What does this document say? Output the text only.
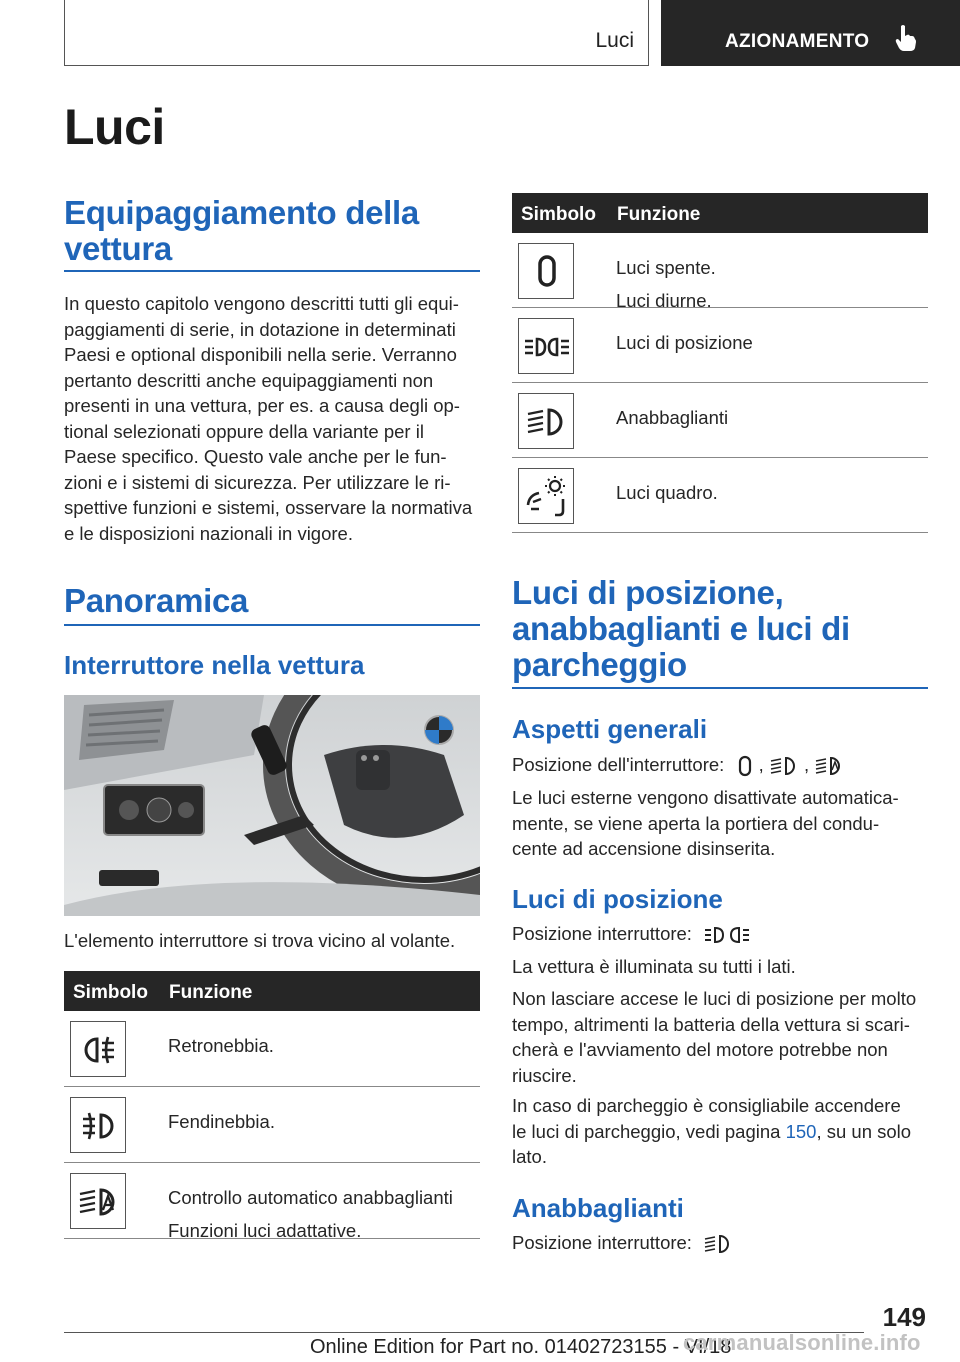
Luci	AZIONAMENTO
Luci
Equipaggiamento della
vettura
In questo capitolo vengono descritti tutti gli equi-
paggiamenti di serie, in dotazione in determinati
Paesi e optional disponibili nella serie. Verranno
pertanto descritti anche equipaggiamenti non
presenti in una vettura, per es. a causa degli op-
tional selezionati oppure della variante per il
Paese specifico. Questo vale anche per le fun-
zioni e i sistemi di sicurezza. Per utilizzare le ri-
spettive funzioni e sistemi, osservare la normativa
e le disposizioni nazionali in vigore.
Panoramica
Interruttore nella vettura
L'elemento interruttore si trova vicino al volante.
Simbolo Funzione
Retronebbia.
Fendinebbia.
Controllo automatico anabbaglianti
Funzioni luci adattative.
Simbolo Funzione
Luci spente.
Luci diurne.
Luci di posizione
Anabbaglianti
Luci quadro.
Luci di posizione,
anabbaglianti e luci di
parcheggio
Aspetti generali
Posizione dell'interruttore: , ,
Le luci esterne vengono disattivate automatica-
mente, se viene aperta la portiera del condu-
cente ad accensione disinserita.
Luci di posizione
Posizione interruttore:
La vettura è illuminata su tutti i lati.
Non lasciare accese le luci di posizione per molto
tempo, altrimenti la batteria della vettura si scari-
cherà e l'avviamento del motore potrebbe non
riuscire.
In caso di parcheggio è consigliabile accendere
le luci di parcheggio, vedi pagina 150, su un solo
lato.
Anabbaglianti
Posizione interruttore:
149
Online Edition for Part no. 01402723155 - VI/18
carmanualsonline.info
